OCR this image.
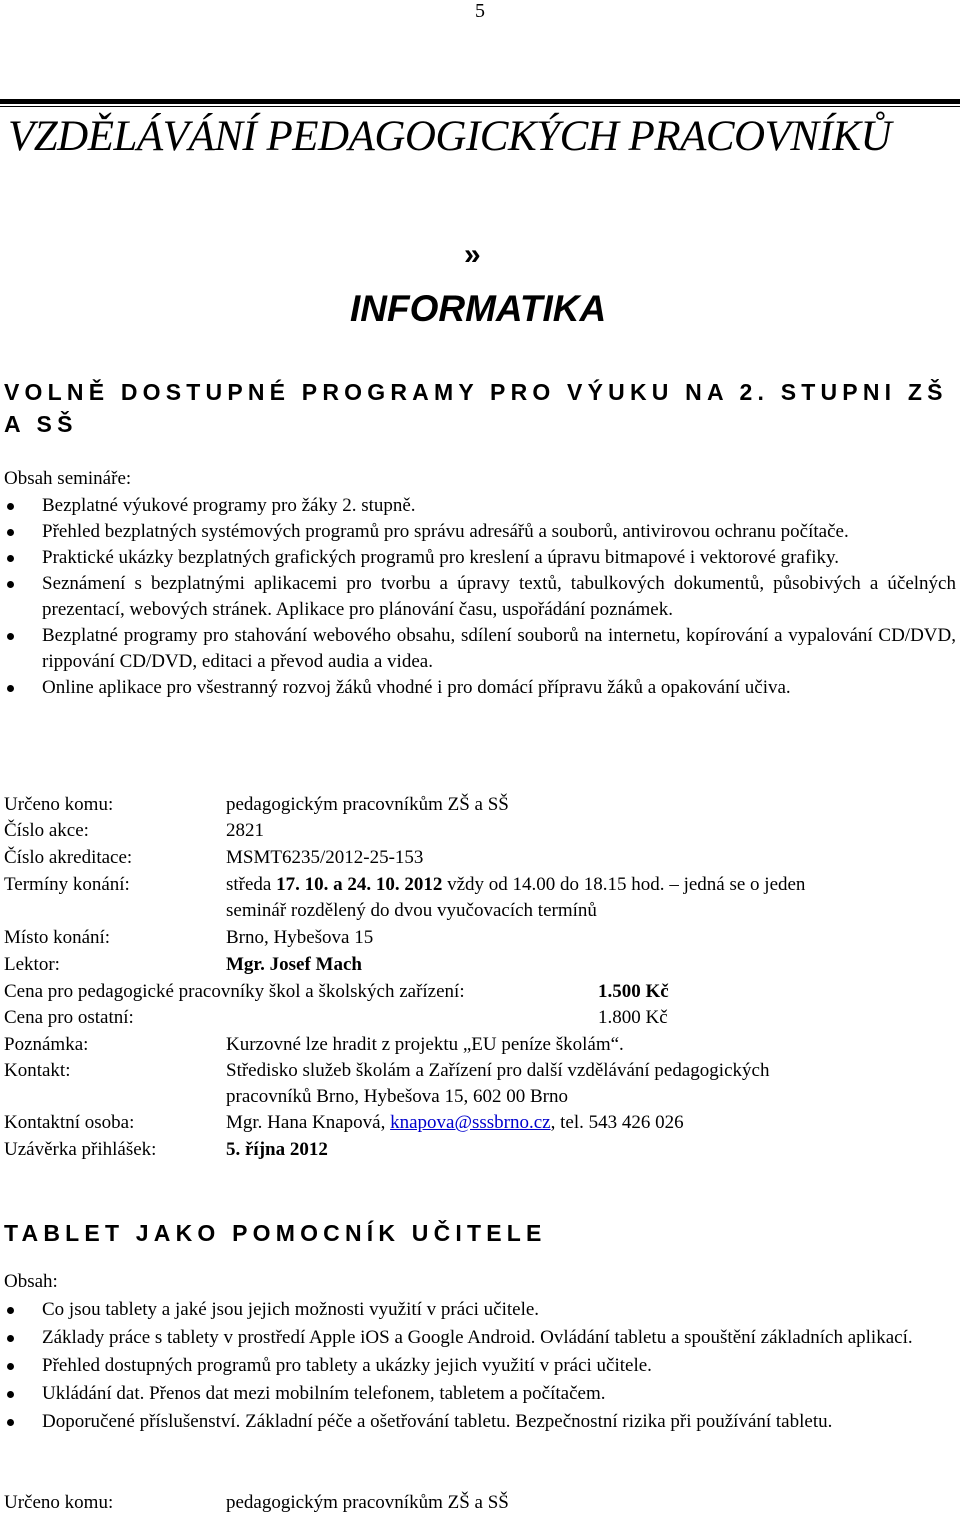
5
VZDĚLÁVÁNÍ PEDAGOGICKÝCH PRACOVNÍKŮ
»
INFORMATIKA
VOLNĚ DOSTUPNÉ PROGRAMY PRO VÝUKU NA 2. STUPNI ZŠ
A SŠ
Obsah semináře:
Bezplatné výukové programy pro žáky 2. stupně.
Přehled bezplatných systémových programů pro správu adresářů a souborů, antivirovou ochranu počítače.
Praktické ukázky bezplatných grafických programů pro kreslení a úpravu bitmapové i vektorové grafiky.
Seznámení s bezplatnými aplikacemi pro tvorbu a úpravy textů, tabulkových dokumentů, působivých a účelných prezentací, webových stránek. Aplikace pro plánování času, uspořádání poznámek.
Bezplatné programy pro stahování webového obsahu, sdílení souborů na internetu, kopírování a vypalování CD/DVD, rippování CD/DVD, editaci a převod audia a videa.
Online aplikace pro všestranný rozvoj žáků vhodné i pro domácí přípravu žáků a opakování učiva.
Určeno komu:	pedagogickým pracovníkům ZŠ a SŠ
Číslo akce:	2821
Číslo akreditace:	MSMT6235/2012-25-153
Termíny konání:	středa 17. 10. a 24. 10. 2012 vždy od 14.00 do 18.15 hod. – jedná se o jeden
seminář rozdělený do dvou vyučovacích termínů
Místo konání:	Brno, Hybešova 15
Lektor:	Mgr. Josef Mach
Cena pro pedagogické pracovníky škol a školských zařízení:	1.500 Kč
Cena pro ostatní:	1.800 Kč
Poznámka:	Kurzovné lze hradit z projektu „EU peníze školám“.
Kontakt:	Středisko služeb školám a Zařízení pro další vzdělávání pedagogických
pracovníků Brno, Hybešova 15, 602 00 Brno
Kontaktní osoba:	Mgr. Hana Knapová, knapova@sssbrno.cz, tel. 543 426 026
Uzávěrka přihlášek:	5. října 2012
TABLET JAKO POMOCNÍK UČITELE
Obsah:
Co jsou tablety a jaké jsou jejich možnosti využití v práci učitele.
Základy práce s tablety v prostředí Apple iOS a Google Android. Ovládání tabletu a spouštění základních aplikací.
Přehled dostupných programů pro tablety a ukázky jejich využití v práci učitele.
Ukládání dat. Přenos dat mezi mobilním telefonem, tabletem a počítačem.
Doporučené příslušenství. Základní péče a ošetřování tabletu. Bezpečnostní rizika při používání tabletu.
Určeno komu:	pedagogickým pracovníkům ZŠ a SŠ
